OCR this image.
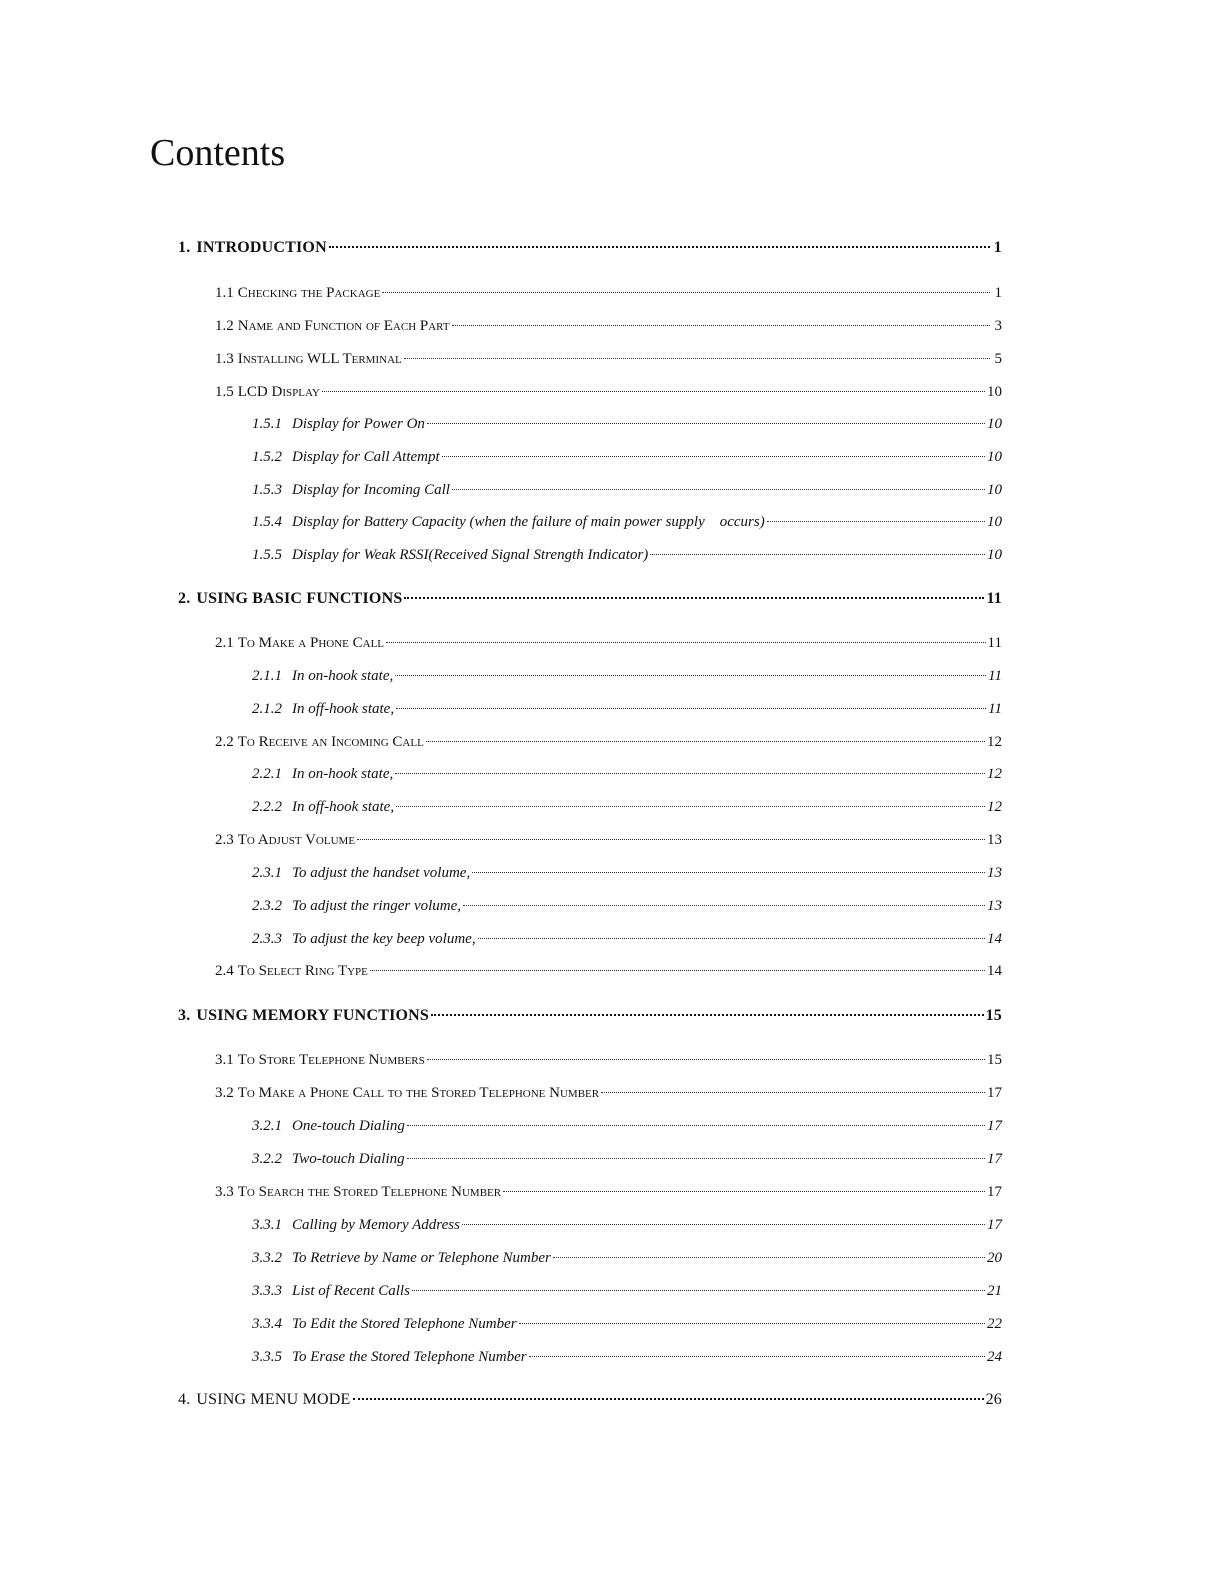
Contents
1. INTRODUCTION	1
1.1 Checking the Package	1
1.2 Name and Function of Each Part	3
1.3 Installing WLL Terminal	5
1.5 LCD Display	10
1.5.1 Display for Power On	10
1.5.2 Display for Call Attempt	10
1.5.3 Display for Incoming Call	10
1.5.4 Display for Battery Capacity (when the failure of main power supply    occurs)	10
1.5.5 Display for Weak RSSI(Received Signal Strength Indicator)	10
2. USING BASIC FUNCTIONS	11
2.1 To Make a Phone Call	11
2.1.1 In on-hook state,	11
2.1.2 In off-hook state,	11
2.2 To Receive an Incoming Call	12
2.2.1 In on-hook state,	12
2.2.2 In off-hook state,	12
2.3 To Adjust Volume	13
2.3.1 To adjust the handset volume,	13
2.3.2 To adjust the ringer volume,	13
2.3.3 To adjust the key beep volume,	14
2.4 To Select Ring Type	14
3. USING MEMORY FUNCTIONS	15
3.1 To Store Telephone Numbers	15
3.2 To Make a Phone Call to the Stored Telephone Number	17
3.2.1 One-touch Dialing	17
3.2.2 Two-touch Dialing	17
3.3 To Search the Stored Telephone Number	17
3.3.1 Calling by Memory Address	17
3.3.2 To Retrieve by Name or Telephone Number	20
3.3.3 List of Recent Calls	21
3.3.4 To Edit the Stored Telephone Number	22
3.3.5 To Erase the Stored Telephone Number	24
4. USING MENU MODE	26
